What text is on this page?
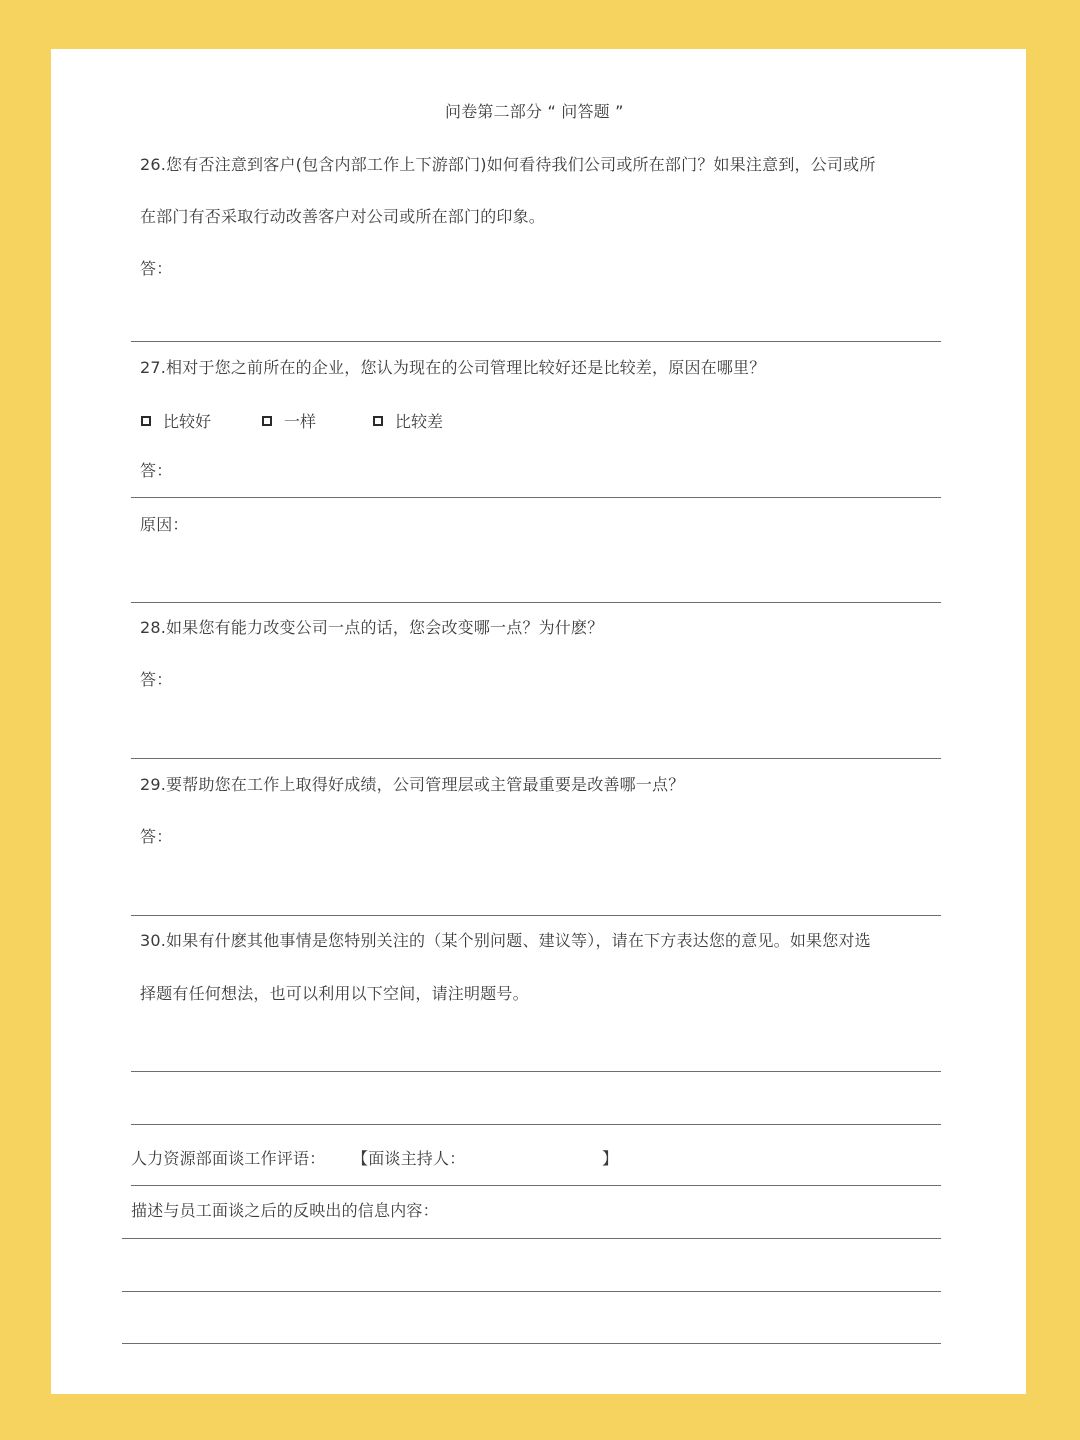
问卷第二部分 “ 问答题 ”
26.您有否注意到客户(包含内部工作上下游部门)如何看待我们公司或所在部门？如果注意到，公司或所
在部门有否采取行动改善客户对公司或所在部门的印象。
答：
27.相对于您之前所在的企业，您认为现在的公司管理比较好还是比较差，原因在哪里？
比较好	一样	比较差
答：
原因：
28.如果您有能力改变公司一点的话，您会改变哪一点？为什麽？
答：
29.要帮助您在工作上取得好成绩，公司管理层或主管最重要是改善哪一点？
答：
30.如果有什麽其他事情是您特别关注的（某个别问题、建议等），请在下方表达您的意见。如果您对选
择题有任何想法，也可以利用以下空间，请注明题号。
人力资源部面谈工作评语： 【面谈主持人：	】
描述与员工面谈之后的反映出的信息内容：
